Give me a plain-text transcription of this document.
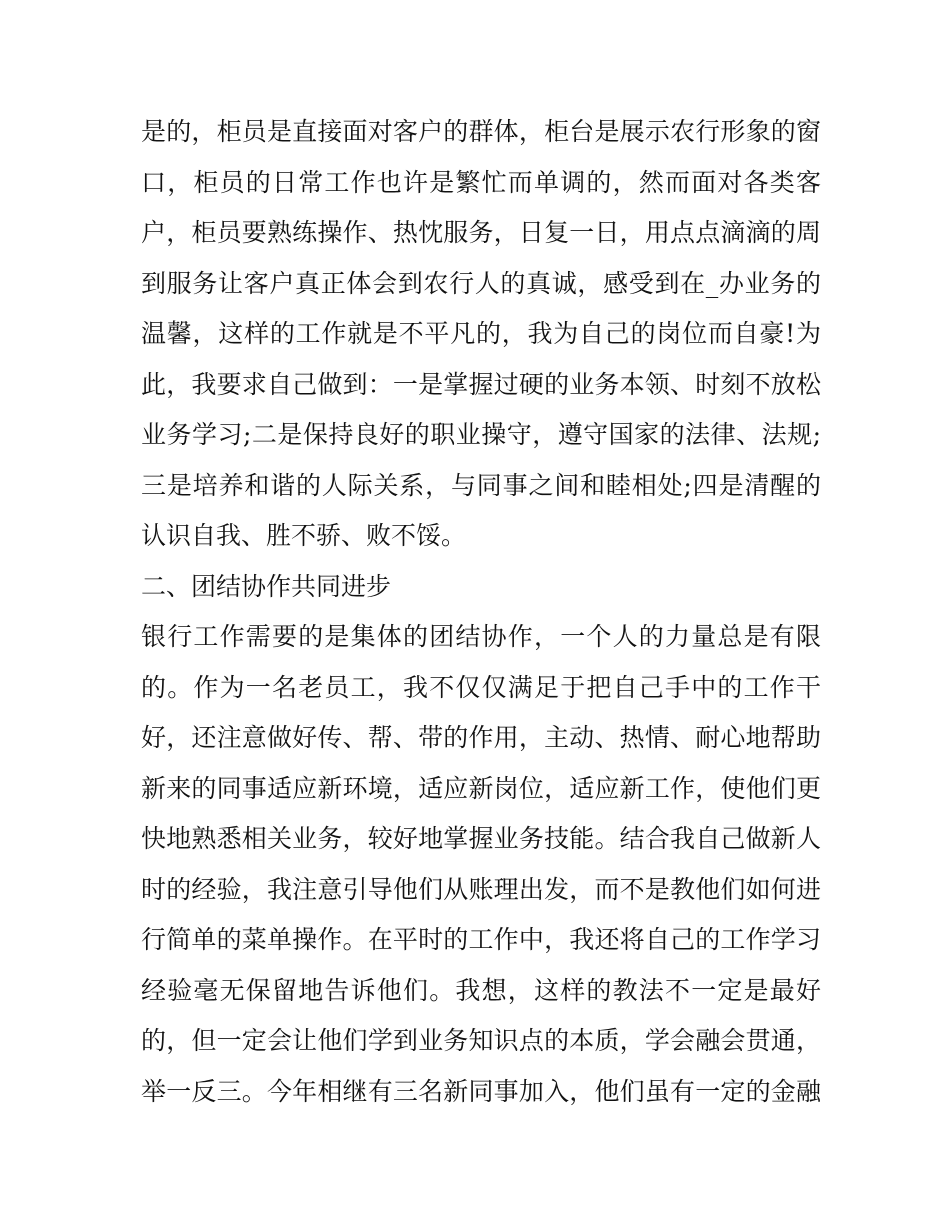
是的，柜员是直接面对客户的群体，柜台是展示农行形象的窗

口，柜员的日常工作也许是繁忙而单调的，然而面对各类客

户，柜员要熟练操作、热忱服务，日复一日，用点点滴滴的周

到服务让客户真正体会到农行人的真诚，感受到在_办业务的

温馨，这样的工作就是不平凡的，我为自己的岗位而自豪!为

此，我要求自己做到：一是掌握过硬的业务本领、时刻不放松

业务学习;二是保持良好的职业操守，遵守国家的法律、法规;

三是培养和谐的人际关系，与同事之间和睦相处;四是清醒的

认识自我、胜不骄、败不馁。

二、团结协作共同进步

银行工作需要的是集体的团结协作，一个人的力量总是有限

的。作为一名老员工，我不仅仅满足于把自己手中的工作干

好，还注意做好传、帮、带的作用，主动、热情、耐心地帮助

新来的同事适应新环境，适应新岗位，适应新工作，使他们更

快地熟悉相关业务，较好地掌握业务技能。结合我自己做新人

时的经验，我注意引导他们从账理出发，而不是教他们如何进

行简单的菜单操作。在平时的工作中，我还将自己的工作学习

经验毫无保留地告诉他们。我想，这样的教法不一定是最好

的，但一定会让他们学到业务知识点的本质，学会融会贯通，

举一反三。今年相继有三名新同事加入，他们虽有一定的金融
